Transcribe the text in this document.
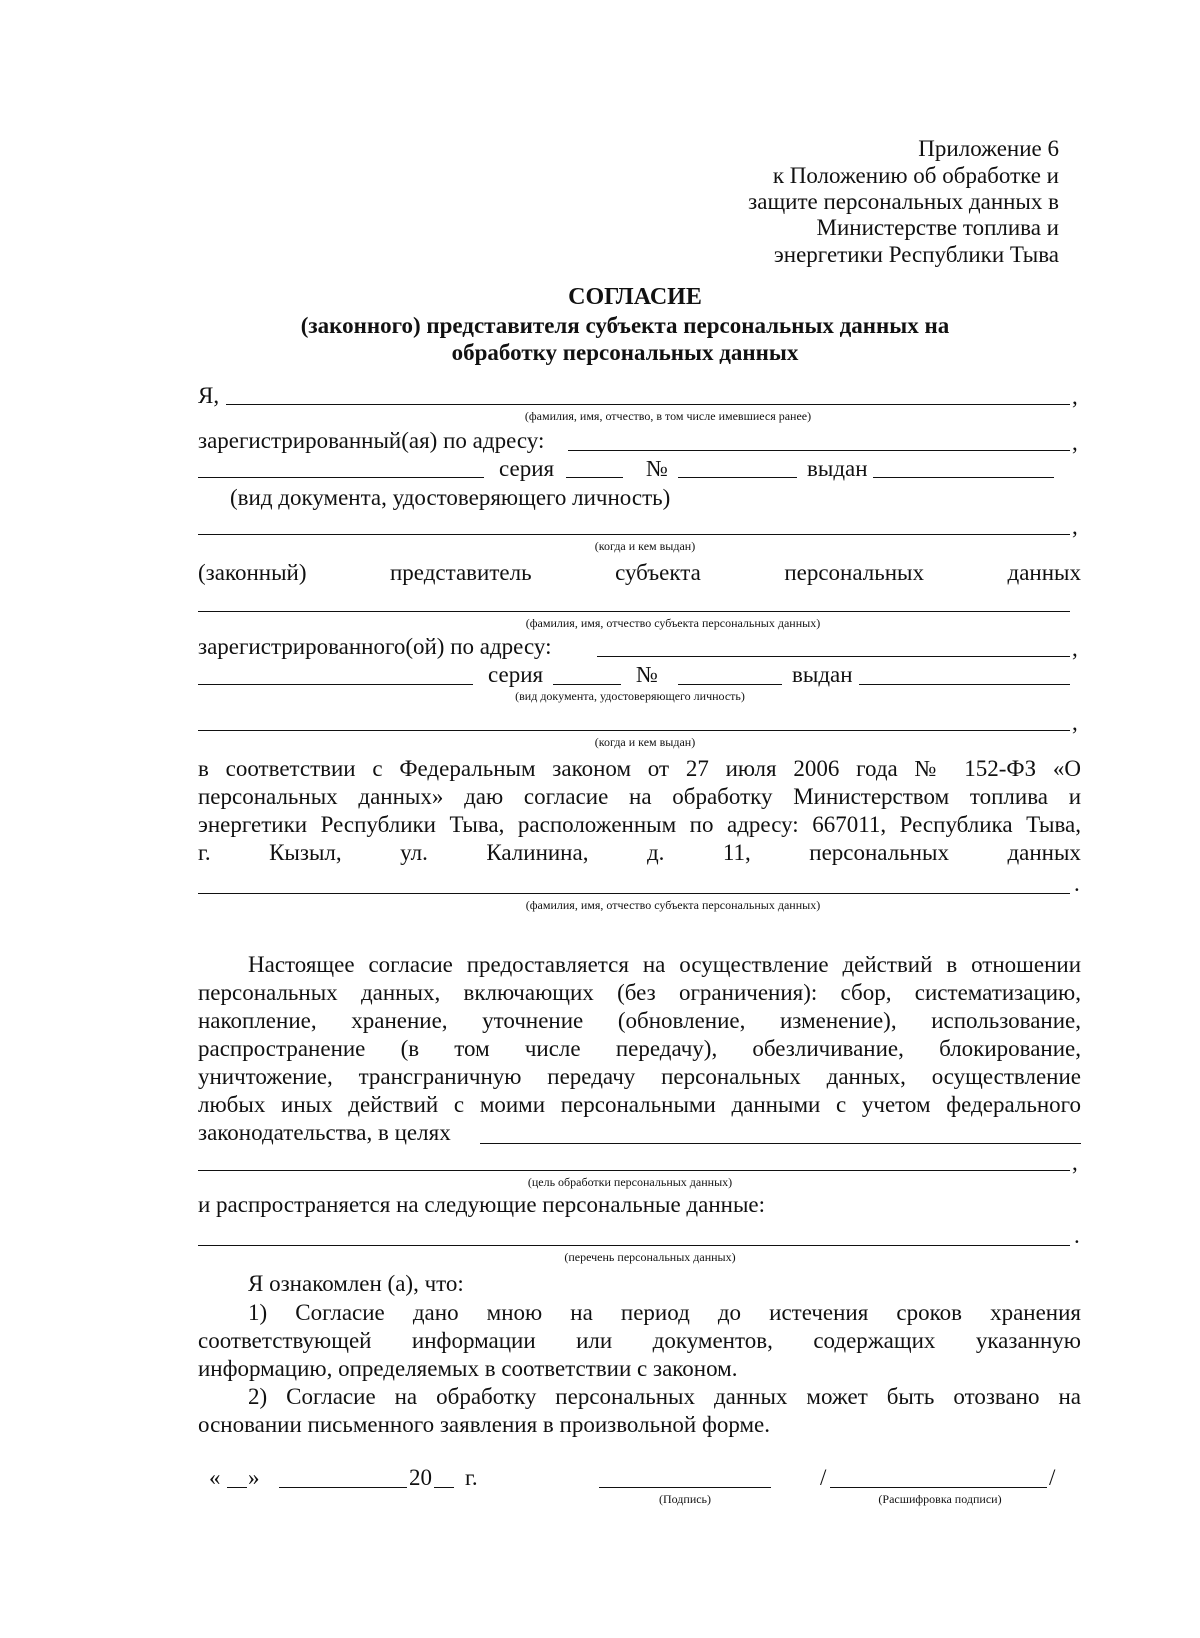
Приложение 6
к Положению об обработке и
защите персональных данных в
Министерстве топлива и
энергетики Республики Тыва
СОГЛАСИЕ
(законного) представителя субъекта персональных данных на
обработку персональных данных
Я,	,
(фамилия, имя, отчество, в том числе имевшиеся ранее)
зарегистрированный(ая) по адресу:	,
серия	№	выдан
(вид документа, удостоверяющего личность)
,
(когда и кем выдан)
(законный)	представитель	субъекта	персональных	данных
(фамилия, имя, отчество субъекта персональных данных)
зарегистрированного(ой) по адресу:	,
серия	№	выдан
(вид документа, удостоверяющего личность)
,
(когда и кем выдан)
в соответствии с Федеральным законом от 27 июля 2006 года № 152-ФЗ «О
персональных данных» даю согласие на обработку Министерством топлива и
энергетики Республики Тыва, расположенным по адресу: 667011, Республика Тыва,
г.	Кызыл,	ул.	Калинина,	д.	11,	персональных	данных
.
(фамилия, имя, отчество субъекта персональных данных)
Настоящее согласие предоставляется на осуществление действий в отношении
персональных данных, включающих (без ограничения): сбор, систематизацию,
накопление, хранение, уточнение (обновление, изменение), использование,
распространение (в том числе передачу), обезличивание, блокирование,
уничтожение, трансграничную передачу персональных данных, осуществление
любых иных действий с моими персональными данными с учетом федерального
законодательства, в целях
,
(цель обработки персональных данных)
и распространяется на следующие персональные данные:
.
(перечень персональных данных)
Я ознакомлен (а), что:
1) Согласие дано мною на период до истечения сроков хранения
соответствующей информации или документов, содержащих указанную
информацию, определяемых в соответствии с законом.
2) Согласие на обработку персональных данных может быть отозвано на
основании письменного заявления в произвольной форме.
« »	20 г.
(Подпись)
/	/
(Расшифровка подписи)
